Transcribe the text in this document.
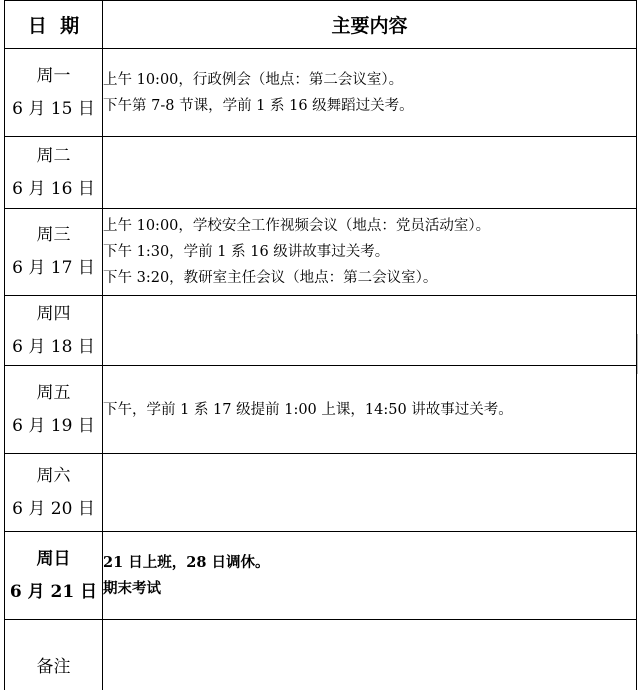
日  期	主要内容

周一
6 月 15 日	上午 10:00，行政例会（地点：第二会议室）。
下午第 7-8 节课，学前 1 系 16 级舞蹈过关考。

周二
6 月 16 日	

周三
6 月 17 日	上午 10:00，学校安全工作视频会议（地点：党员活动室）。
下午 1:30，学前 1 系 16 级讲故事过关考。
下午 3:20，教研室主任会议（地点：第二会议室）。

周四
6 月 18 日	

周五
6 月 19 日	下午，学前 1 系 17 级提前 1:00 上课，14:50 讲故事过关考。

周六
6 月 20 日	

周日
6 月 21 日	21 日上班，28 日调休。
期末考试

备注	
